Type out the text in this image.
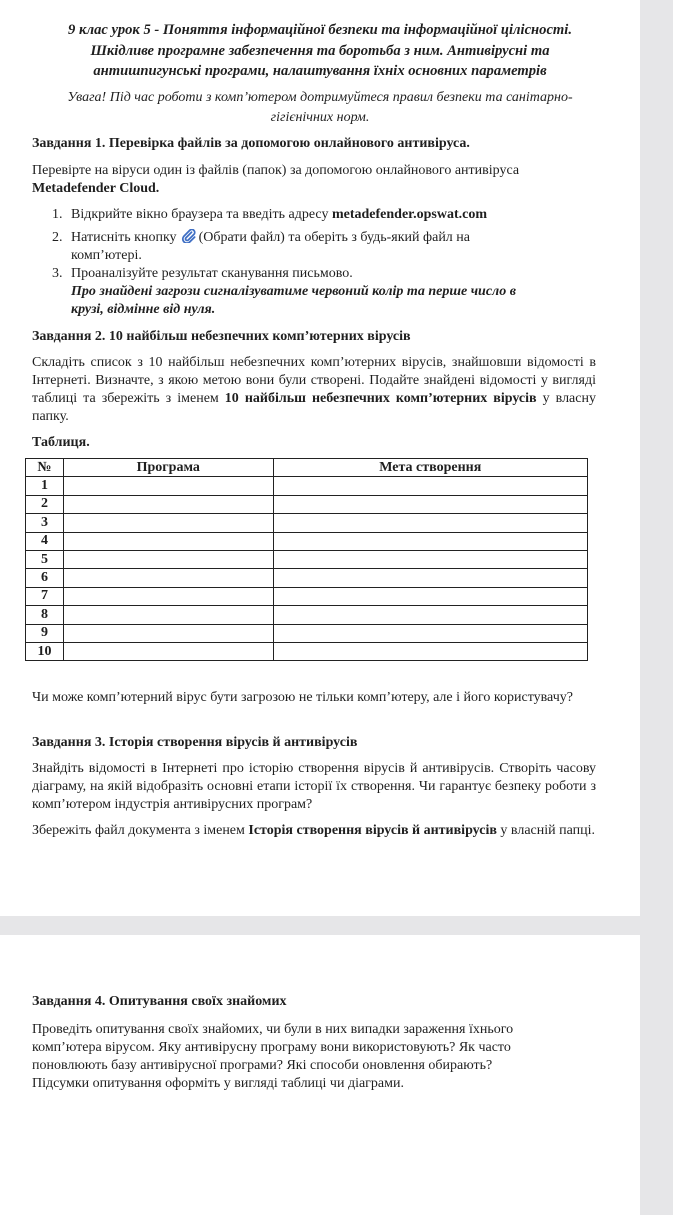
9 клас урок 5 - Поняття інформаційної безпеки та інформаційної цілісності.
Шкідливе програмне забезпечення та боротьба з ним. Антивірусні та
антишпигунські програми, налаштування їхніх основних параметрів
Увага! Під час роботи з комп’ютером дотримуйтеся правил безпеки та санітарно-
гігієнічних норм.
Завдання 1. Перевірка файлів за допомогою онлайнового антивіруса.
Перевірте на віруси один із файлів (папок) за допомогою онлайнового антивіруса
Metadefender Cloud.
1. Відкрийте вікно браузера та введіть адресу metadefender.opswat.com
2. Натисніть кнопку (Обрати файл) та оберіть з будь-який файл на
комп’ютері.
3. Проаналізуйте результат сканування письмово.
Про знайдені загрози сигналізуватиме червоний колір та перше число в
крузі, відмінне від нуля.
Завдання 2. 10 найбільш небезпечних комп’ютерних вірусів
Складіть список з 10 найбільш небезпечних комп’ютерних вірусів, знайшовши відомості в Інтернеті. Визначте, з якою метою вони були створені. Подайте знайдені відомості у вигляді таблиці та збережіть з іменем 10 найбільш небезпечних комп’ютерних вірусів у власну папку.
Таблиця.
№	Програма	Мета створення
1		
2		
3		
4		
5		
6		
7		
8		
9		
10		
Чи може комп’ютерний вірус бути загрозою не тільки комп’ютеру, але і його користувачу?
Завдання 3. Історія створення вірусів й антивірусів
Знайдіть відомості в Інтернеті про історію створення вірусів й антивірусів. Створіть часову діаграму, на якій відобразіть основні етапи історії їх створення. Чи гарантує безпеку роботи з комп’ютером індустрія антивірусних програм?
Збережіть файл документа з іменем Історія створення вірусів й антивірусів у власній папці.
Завдання 4. Опитування своїх знайомих
Проведіть опитування своїх знайомих, чи були в них випадки зараження їхнього
комп’ютера вірусом. Яку антивірусну програму вони використовують? Як часто
поновлюють базу антивірусної програми? Які способи оновлення обирають?
Підсумки опитування оформіть у вигляді таблиці чи діаграми.
